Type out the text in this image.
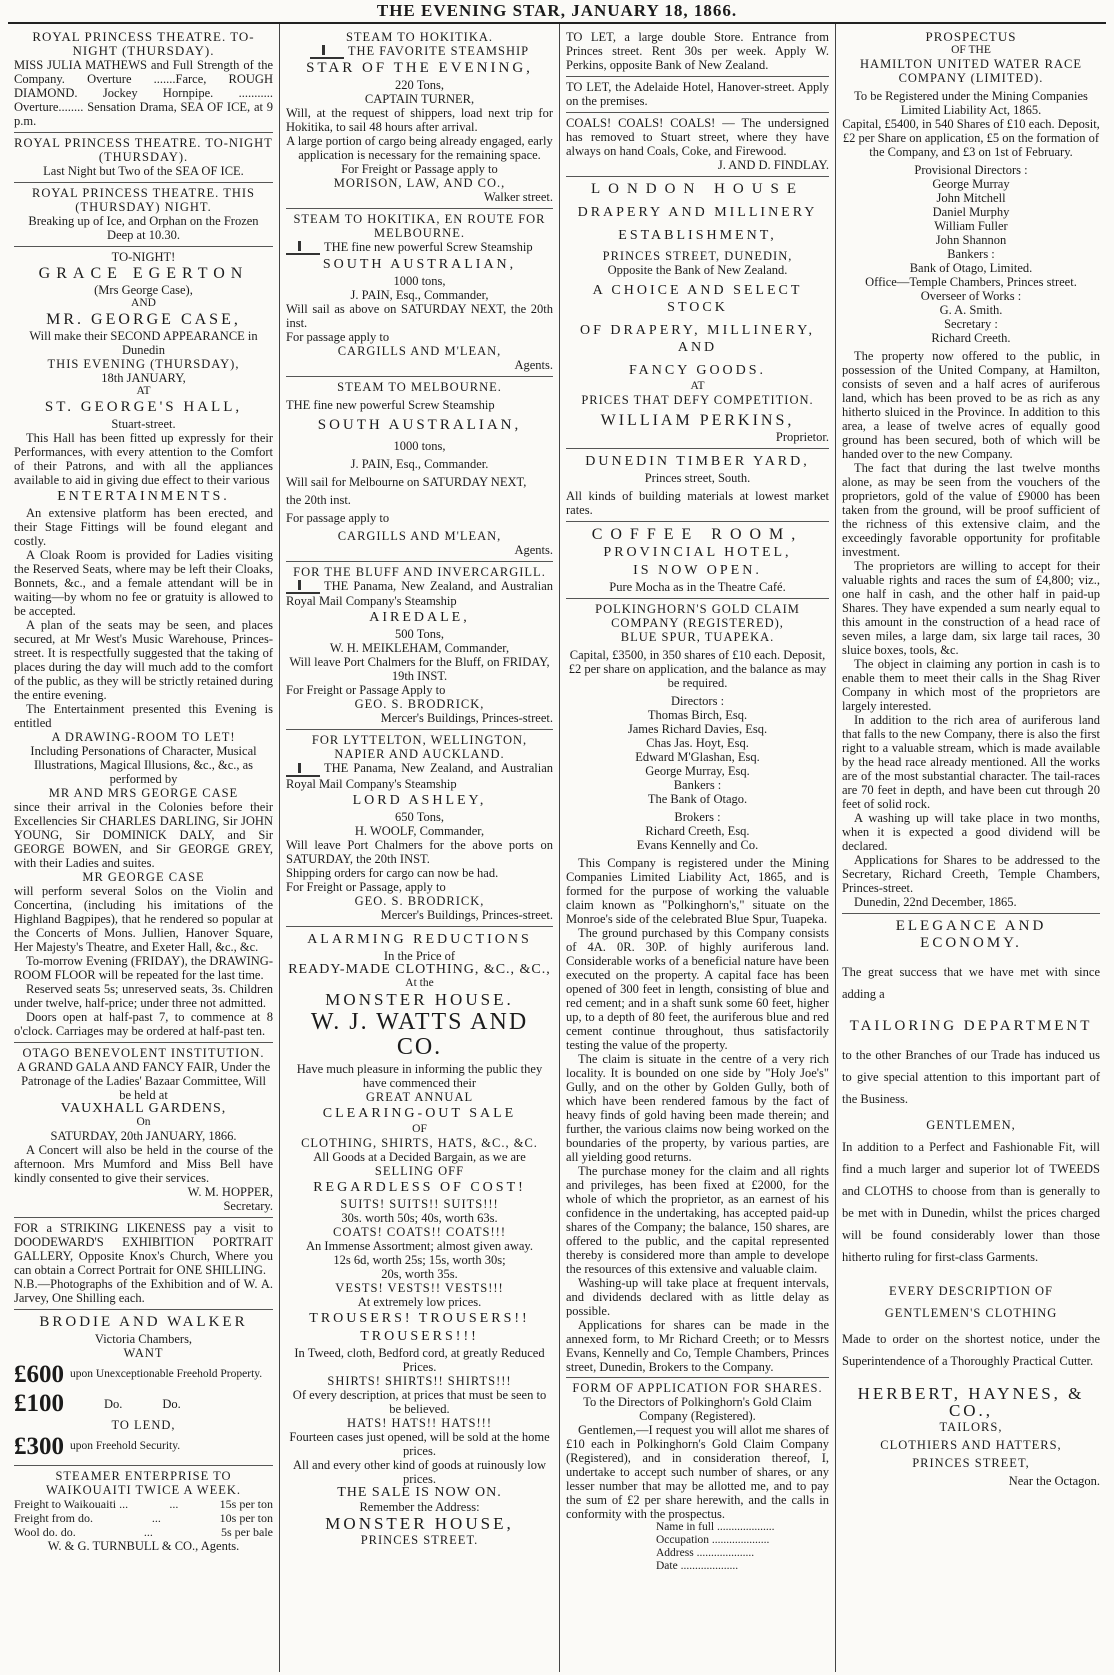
THE EVENING STAR, JANUARY 18, 1866.

ROYAL PRINCESS THEATRE. TO-NIGHT (THURSDAY).

MISS JULIA MATHEWS and Full Strength of the Company. Overture .......Farce, ROUGH DIAMOND. Jockey Hornpipe. ........... Overture........ Sensation Drama, SEA OF ICE, at 9 p.m.

ROYAL PRINCESS THEATRE. TO-NIGHT (THURSDAY).

Last Night but Two of the SEA OF ICE.

ROYAL PRINCESS THEATRE. THIS (THURSDAY) NIGHT.

Breaking up of Ice, and Orphan on the Frozen Deep at 10.30.

TO-NIGHT!

GRACE EGERTON

(Mrs George Case),

AND

MR. GEORGE CASE,

Will make their SECOND APPEARANCE in Dunedin

THIS EVENING (THURSDAY),

18th JANUARY,

AT

ST. GEORGE'S HALL,

Stuart-street.

This Hall has been fitted up expressly for their Performances, with every attention to the Comfort of their Patrons, and with all the appliances available to aid in giving due effect to their various

ENTERTAINMENTS.

An extensive platform has been erected, and their Stage Fittings will be found elegant and costly.

A Cloak Room is provided for Ladies visiting the Reserved Seats, where may be left their Cloaks, Bonnets, &c., and a female attendant will be in waiting—by whom no fee or gratuity is allowed to be accepted.

A plan of the seats may be seen, and places secured, at Mr West's Music Warehouse, Princes-street. It is respectfully suggested that the taking of places during the day will much add to the comfort of the public, as they will be strictly retained during the entire evening.

The Entertainment presented this Evening is entitled

A DRAWING-ROOM TO LET!

Including Personations of Character, Musical Illustrations, Magical Illusions, &c., &c., as performed by

MR AND MRS GEORGE CASE

since their arrival in the Colonies before their Excellencies Sir CHARLES DARLING, Sir JOHN YOUNG, Sir DOMINICK DALY, and Sir GEORGE BOWEN, and Sir GEORGE GREY, with their Ladies and suites.

MR GEORGE CASE

will perform several Solos on the Violin and Concertina, (including his imitations of the Highland Bagpipes), that he rendered so popular at the Concerts of Mons. Jullien, Hanover Square, Her Majesty's Theatre, and Exeter Hall, &c., &c.

To-morrow Evening (FRIDAY), the DRAWING-ROOM FLOOR will be repeated for the last time.

Reserved seats 5s; unreserved seats, 3s. Children under twelve, half-price; under three not admitted.

Doors open at half-past 7, to commence at 8 o'clock. Carriages may be ordered at half-past ten.

OTAGO BENEVOLENT INSTITUTION.

A GRAND GALA AND FANCY FAIR, Under the Patronage of the Ladies' Bazaar Committee, Will be held at

VAUXHALL GARDENS,

On

SATURDAY, 20th JANUARY, 1866.

A Concert will also be held in the course of the afternoon. Mrs Mumford and Miss Bell have kindly consented to give their services.

W. M. HOPPER,

Secretary.

FOR a STRIKING LIKENESS pay a visit to DOODEWARD'S EXHIBITION PORTRAIT GALLERY, Opposite Knox's Church, Where you can obtain a Correct Portrait for ONE SHILLING.

N.B.—Photographs of the Exhibition and of W. A. Jarvey, One Shilling each.

BRODIE AND WALKER

Victoria Chambers,

WANT

£600 upon Unexceptionable Freehold Property.
£100	Do.	Do.

TO LEND,

£300 upon Freehold Security.

STEAMER ENTERPRISE TO WAIKOUAITI TWICE A WEEK.

Freight to Waikouaiti ...	...	15s per ton
Freight from do.	...	10s per ton
Wool do. do.	...	5s per bale

W. & G. TURNBULL & CO., Agents.

STEAM TO HOKITIKA.

THE FAVORITE STEAMSHIP

STAR OF THE EVENING,

220 Tons,

CAPTAIN TURNER,

Will, at the request of shippers, load next trip for Hokitika, to sail 48 hours after arrival.

A large portion of cargo being already engaged, early application is necessary for the remaining space.

For Freight or Passage apply to

MORISON, LAW, AND CO.,

Walker street.

STEAM TO HOKITIKA, EN ROUTE FOR MELBOURNE.

THE fine new powerful Screw Steamship

SOUTH AUSTRALIAN,

1000 tons,

J. PAIN, Esq., Commander,

Will sail as above on SATURDAY NEXT, the 20th inst.

For passage apply to

CARGILLS AND M'LEAN,

Agents.

STEAM TO MELBOURNE.

THE fine new powerful Screw Steamship

SOUTH AUSTRALIAN,

1000 tons,

J. PAIN, Esq., Commander.

Will sail for Melbourne on SATURDAY NEXT,

the 20th inst.

For passage apply to

CARGILLS AND M'LEAN,

Agents.

FOR THE BLUFF AND INVERCARGILL.

THE Panama, New Zealand, and Australian Royal Mail Company's Steamship

AIREDALE,

500 Tons,

W. H. MEIKLEHAM, Commander,

Will leave Port Chalmers for the Bluff, on FRIDAY, 19th INST.

For Freight or Passage Apply to

GEO. S. BRODRICK,

Mercer's Buildings, Princes-street.

FOR LYTTELTON, WELLINGTON, NAPIER AND AUCKLAND.

THE Panama, New Zealand, and Australian Royal Mail Company's Steamship

LORD ASHLEY,

650 Tons,

H. WOOLF, Commander,

Will leave Port Chalmers for the above ports on SATURDAY, the 20th INST.

Shipping orders for cargo can now be had.

For Freight or Passage, apply to

GEO. S. BRODRICK,

Mercer's Buildings, Princes-street.

ALARMING REDUCTIONS

In the Price of

READY-MADE CLOTHING, &C., &C.,

At the

MONSTER HOUSE.

W. J. WATTS AND CO.

Have much pleasure in informing the public they have commenced their

GREAT ANNUAL

CLEARING-OUT SALE

OF

CLOTHING, SHIRTS, HATS, &C., &C.

All Goods at a Decided Bargain, as we are

SELLING OFF

REGARDLESS OF COST!

SUITS! SUITS!! SUITS!!!

30s. worth 50s; 40s, worth 63s.

COATS! COATS!! COATS!!!

An Immense Assortment; almost given away.

12s 6d, worth 25s; 15s, worth 30s;

20s, worth 35s.

VESTS! VESTS!! VESTS!!!

At extremely low prices.

TROUSERS! TROUSERS!!

TROUSERS!!!

In Tweed, cloth, Bedford cord, at greatly Reduced Prices.

SHIRTS! SHIRTS!! SHIRTS!!!

Of every description, at prices that must be seen to be believed.

HATS! HATS!! HATS!!!

Fourteen cases just opened, will be sold at the home prices.

All and every other kind of goods at ruinously low prices.

THE SALE IS NOW ON.

Remember the Address:

MONSTER HOUSE,

PRINCES STREET.

TO LET, a large double Store. Entrance from Princes street. Rent 30s per week. Apply W. Perkins, opposite Bank of New Zealand.

TO LET, the Adelaide Hotel, Hanover-street. Apply on the premises.

COALS! COALS! COALS! — The undersigned has removed to Stuart street, where they have always on hand Coals, Coke, and Firewood.

J. AND D. FINDLAY.

LONDON HOUSE

DRAPERY AND MILLINERY

ESTABLISHMENT,

PRINCES STREET, DUNEDIN,

Opposite the Bank of New Zealand.

A CHOICE AND SELECT STOCK

OF DRAPERY, MILLINERY, AND

FANCY GOODS.

AT

PRICES THAT DEFY COMPETITION.

WILLIAM PERKINS,

Proprietor.

DUNEDIN TIMBER YARD,

Princes street, South.

All kinds of building materials at lowest market rates.

COFFEE ROOM,

PROVINCIAL HOTEL,

IS NOW OPEN.

Pure Mocha as in the Theatre Café.

POLKINGHORN'S GOLD CLAIM COMPANY (REGISTERED),

BLUE SPUR, TUAPEKA.

Capital, £3500, in 350 shares of £10 each. Deposit, £2 per share on application, and the balance as may be required.

Directors :

Thomas Birch, Esq.
James Richard Davies, Esq.
Chas Jas. Hoyt, Esq.
Edward M'Glashan, Esq.
George Murray, Esq.

Bankers :

The Bank of Otago.

Brokers :

Richard Creeth, Esq.
Evans Kennelly and Co.

This Company is registered under the Mining Companies Limited Liability Act, 1865, and is formed for the purpose of working the valuable claim known as "Polkinghorn's," situate on the Monroe's side of the celebrated Blue Spur, Tuapeka.

The ground purchased by this Company consists of 4A. 0R. 30P. of highly auriferous land. Considerable works of a beneficial nature have been executed on the property. A capital face has been opened of 300 feet in length, consisting of blue and red cement; and in a shaft sunk some 60 feet, higher up, to a depth of 80 feet, the auriferous blue and red cement continue throughout, thus satisfactorily testing the value of the property.

The claim is situate in the centre of a very rich locality. It is bounded on one side by "Holy Joe's" Gully, and on the other by Golden Gully, both of which have been rendered famous by the fact of heavy finds of gold having been made therein; and further, the various claims now being worked on the boundaries of the property, by various parties, are all yielding good returns.

The purchase money for the claim and all rights and privileges, has been fixed at £2000, for the whole of which the proprietor, as an earnest of his confidence in the undertaking, has accepted paid-up shares of the Company; the balance, 150 shares, are offered to the public, and the capital represented thereby is considered more than ample to develope the resources of this extensive and valuable claim.

Washing-up will take place at frequent intervals, and dividends declared with as little delay as possible.

Applications for shares can be made in the annexed form, to Mr Richard Creeth; or to Messrs Evans, Kennelly and Co, Temple Chambers, Princes street, Dunedin, Brokers to the Company.

FORM OF APPLICATION FOR SHARES.

To the Directors of Polkinghorn's Gold Claim Company (Registered).

Gentlemen,—I request you will allot me shares of £10 each in Polkinghorn's Gold Claim Company (Registered), and in consideration thereof, I, undertake to accept such number of shares, or any lesser number that may be allotted me, and to pay the sum of £2 per share herewith, and the calls in conformity with the prospectus.

Name in full ....................
Occupation ....................
Address ....................
Date ....................

PROSPECTUS

OF THE

HAMILTON UNITED WATER RACE COMPANY (LIMITED).

To be Registered under the Mining Companies Limited Liability Act, 1865.

Capital, £5400, in 540 Shares of £10 each. Deposit, £2 per Share on application, £5 on the formation of the Company, and £3 on 1st of February.

Provisional Directors :

George Murray
John Mitchell
Daniel Murphy
William Fuller
John Shannon

Bankers :

Bank of Otago, Limited.

Office—Temple Chambers, Princes street.

Overseer of Works :

G. A. Smith.

Secretary :

Richard Creeth.

The property now offered to the public, in possession of the United Company, at Hamilton, consists of seven and a half acres of auriferous land, which has been proved to be as rich as any hitherto sluiced in the Province. In addition to this area, a lease of twelve acres of equally good ground has been secured, both of which will be handed over to the new Company.

The fact that during the last twelve months alone, as may be seen from the vouchers of the proprietors, gold of the value of £9000 has been taken from the ground, will be proof sufficient of the richness of this extensive claim, and the exceedingly favorable opportunity for profitable investment.

The proprietors are willing to accept for their valuable rights and races the sum of £4,800; viz., one half in cash, and the other half in paid-up Shares. They have expended a sum nearly equal to this amount in the construction of a head race of seven miles, a large dam, six large tail races, 30 sluice boxes, tools, &c.

The object in claiming any portion in cash is to enable them to meet their calls in the Shag River Company in which most of the proprietors are largely interested.

In addition to the rich area of auriferous land that falls to the new Company, there is also the first right to a valuable stream, which is made available by the head race already mentioned. All the works are of the most substantial character. The tail-races are 70 feet in depth, and have been cut through 20 feet of solid rock.

A washing up will take place in two months, when it is expected a good dividend will be declared.

Applications for Shares to be addressed to the Secretary, Richard Creeth, Temple Chambers, Princes-street.

Dunedin, 22nd December, 1865.

ELEGANCE AND ECONOMY.

The great success that we have met with since adding a

TAILORING DEPARTMENT

to the other Branches of our Trade has induced us to give special attention to this important part of the Business.

GENTLEMEN,

In addition to a Perfect and Fashionable Fit, will find a much larger and superior lot of TWEEDS and CLOTHS to choose from than is generally to be met with in Dunedin, whilst the prices charged will be found considerably lower than those hitherto ruling for first-class Garments.

EVERY DESCRIPTION OF GENTLEMEN'S CLOTHING

Made to order on the shortest notice, under the Superintendence of a Thoroughly Practical Cutter.

HERBERT, HAYNES, & CO.,

TAILORS,

CLOTHIERS AND HATTERS,

PRINCES STREET,

Near the Octagon.
